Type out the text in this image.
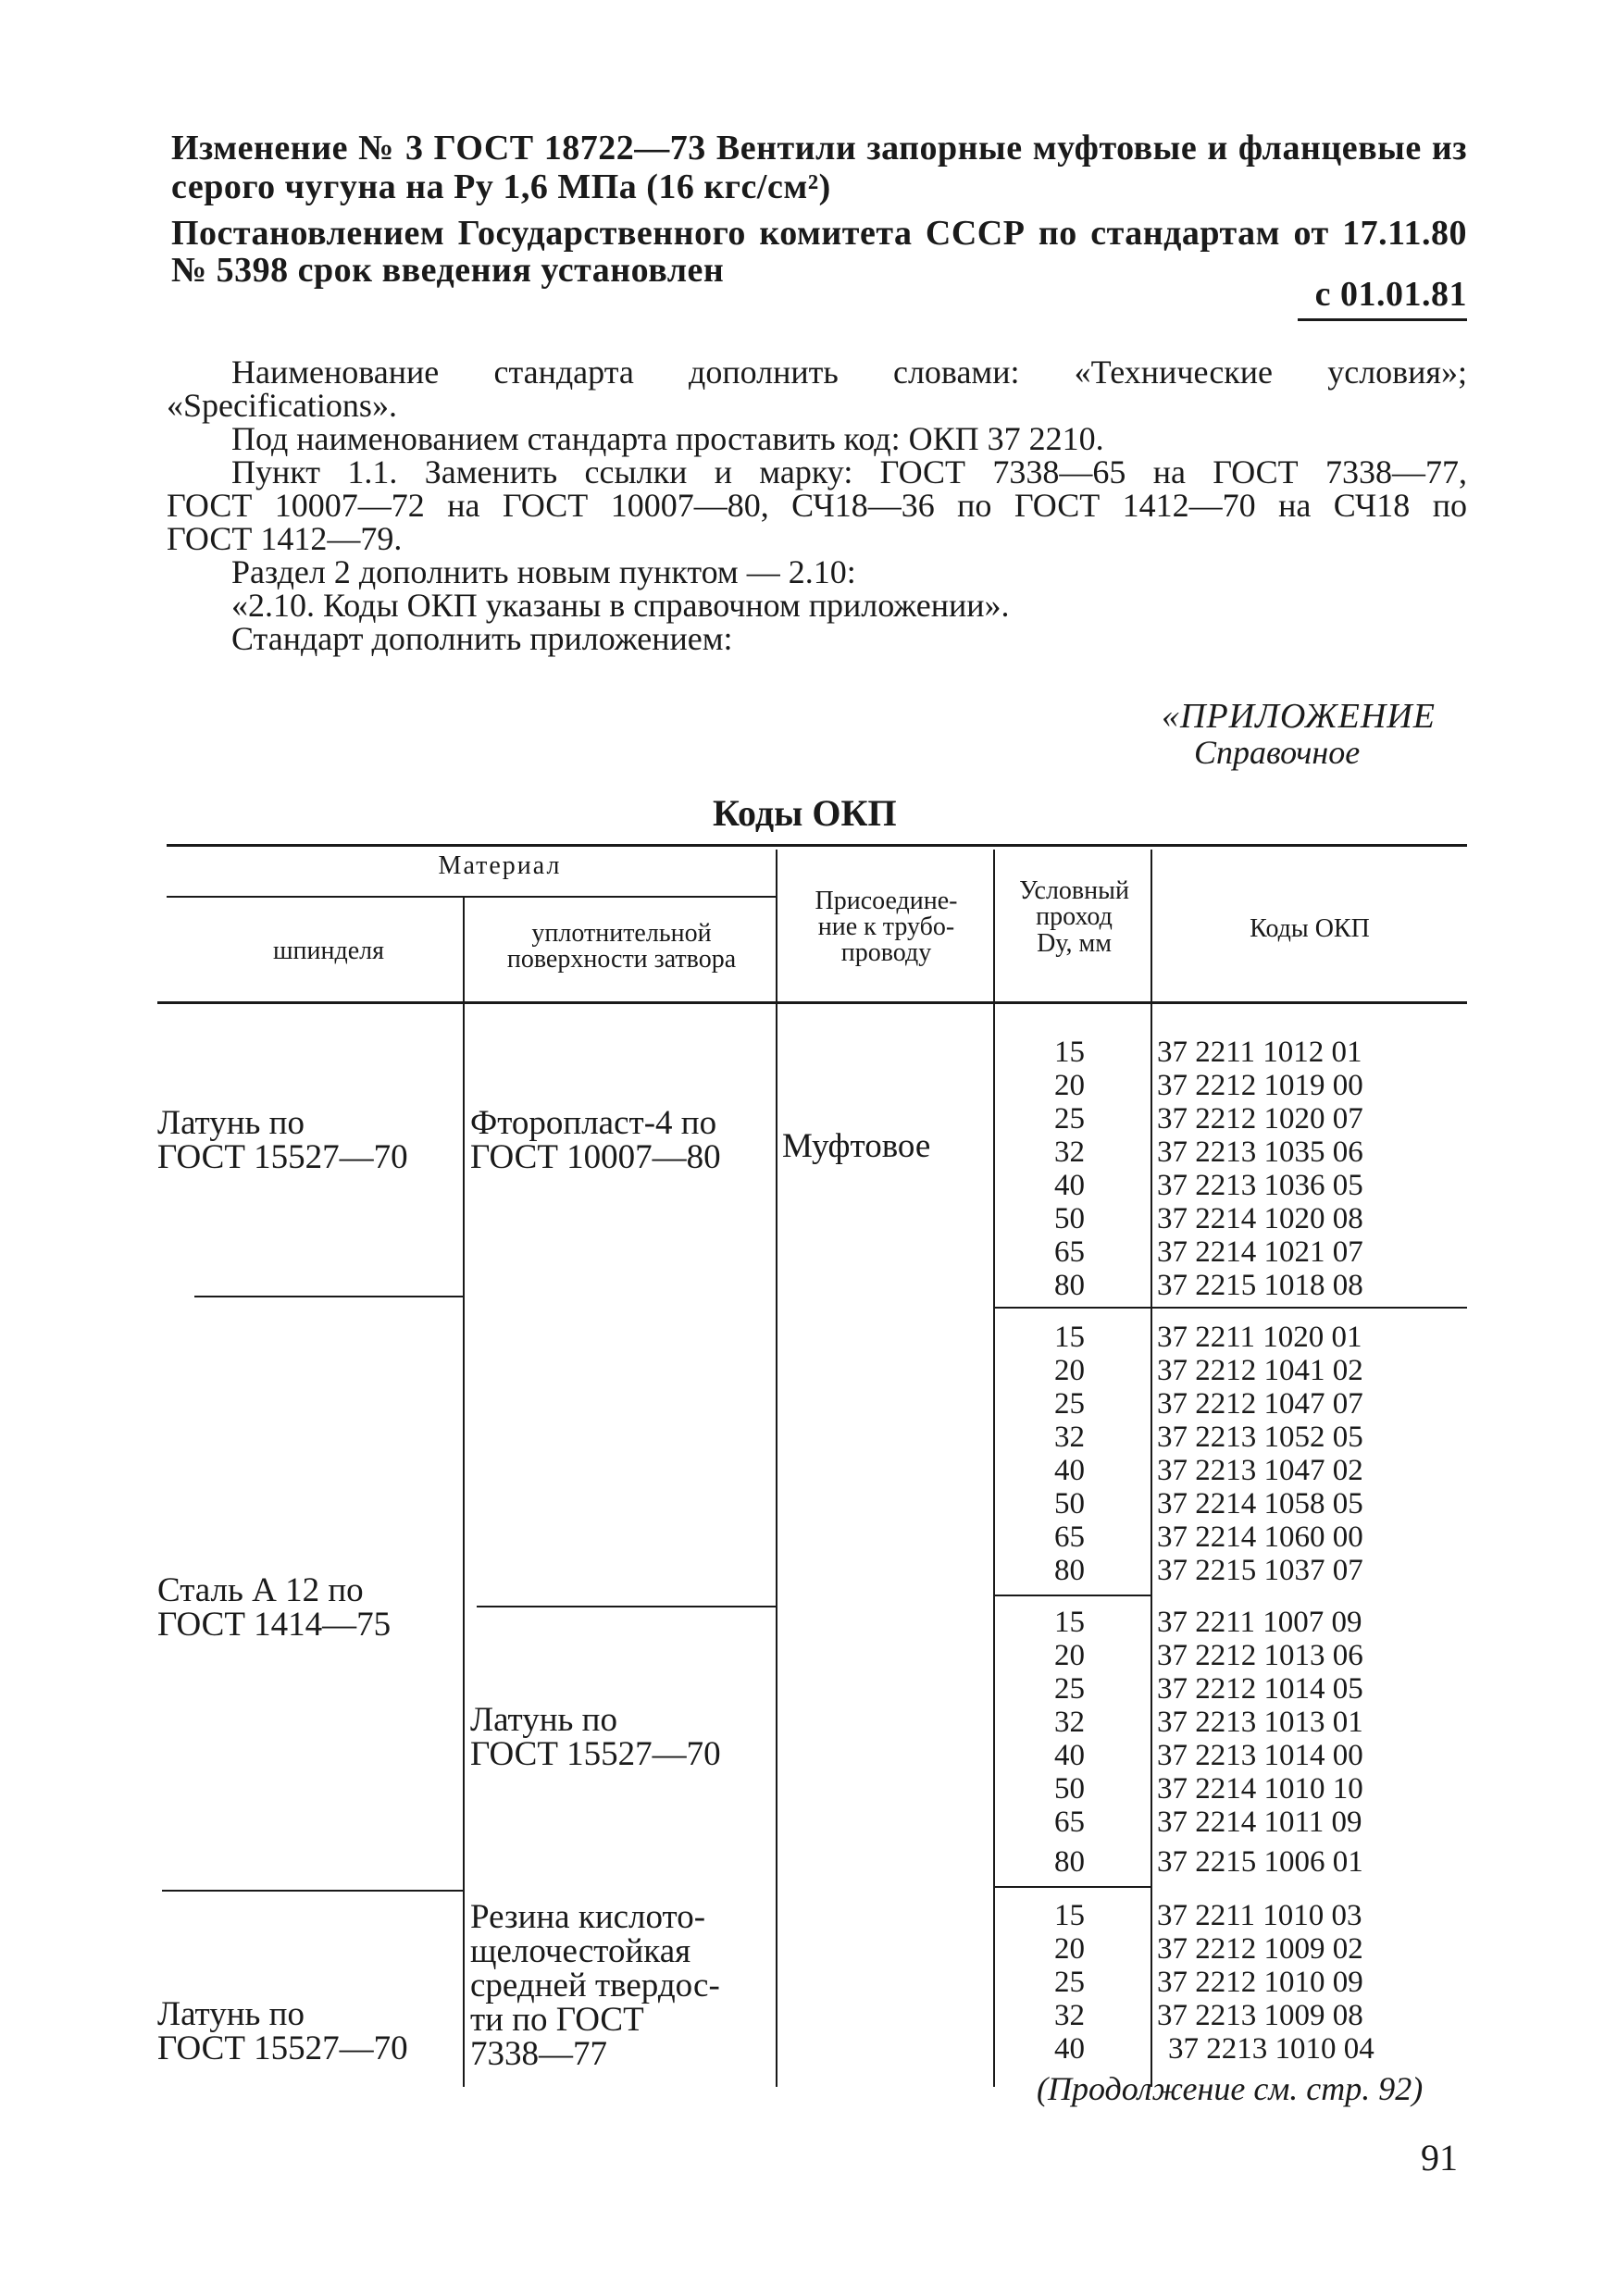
Изменение № 3 ГОСТ 18722—73 Вентили запорные муфтовые и фланцевые из
серого чугуна на Pу 1,6 МПа (16 кгс/см²)
Постановлением Государственного комитета СССР по стандартам от 17.11.80
№ 5398 срок введения установлен
с 01.01.81
Наименование стандарта дополнить словами: «Технические условия»;
«Specifications».
Под наименованием стандарта проставить код: ОКП 37 2210.
Пункт 1.1. Заменить ссылки и марку: ГОСТ 7338—65 на ГОСТ 7338—77,
ГОСТ 10007—72 на ГОСТ 10007—80, СЧ18—36 по ГОСТ 1412—70 на СЧ18 по
ГОСТ 1412—79.
Раздел 2 дополнить новым пунктом — 2.10:
«2.10. Коды ОКП указаны в справочном приложении».
Стандарт дополнить приложением:
«ПРИЛОЖЕНИЕ
Справочное
Коды ОКП
Материал
шпинделя
уплотнительной
поверхности затвора
Присоедине-
ние к трубо-
проводу
Условный
проход
Dу, мм
Коды ОКП
Латунь по
ГОСТ 15527—70
Сталь А 12 по
ГОСТ 1414—75
Латунь по
ГОСТ 15527—70
Фторопласт-4 по
ГОСТ 10007—80
Латунь по
ГОСТ 15527—70
Резина кислото-
щелочестойкая
средней твердос-
ти по ГОСТ
7338—77
Муфтовое
15
20
25
32
40
50
65
80
37 2211 1012 01
37 2212 1019 00
37 2212 1020 07
37 2213 1035 06
37 2213 1036 05
37 2214 1020 08
37 2214 1021 07
37 2215 1018 08
15
20
25
32
40
50
65
80
37 2211 1020 01
37 2212 1041 02
37 2212 1047 07
37 2213 1052 05
37 2213 1047 02
37 2214 1058 05
37 2214 1060 00
37 2215 1037 07
15
20
25
32
40
50
65
80
37 2211 1007 09
37 2212 1013 06
37 2212 1014 05
37 2213 1013 01
37 2213 1014 00
37 2214 1010 10
37 2214 1011 09
37 2215 1006 01
15
20
25
32
40
37 2211 1010 03
37 2212 1009 02
37 2212 1010 09
37 2213 1009 08
37 2213 1010 04
(Продолжение см. стр. 92)
91
